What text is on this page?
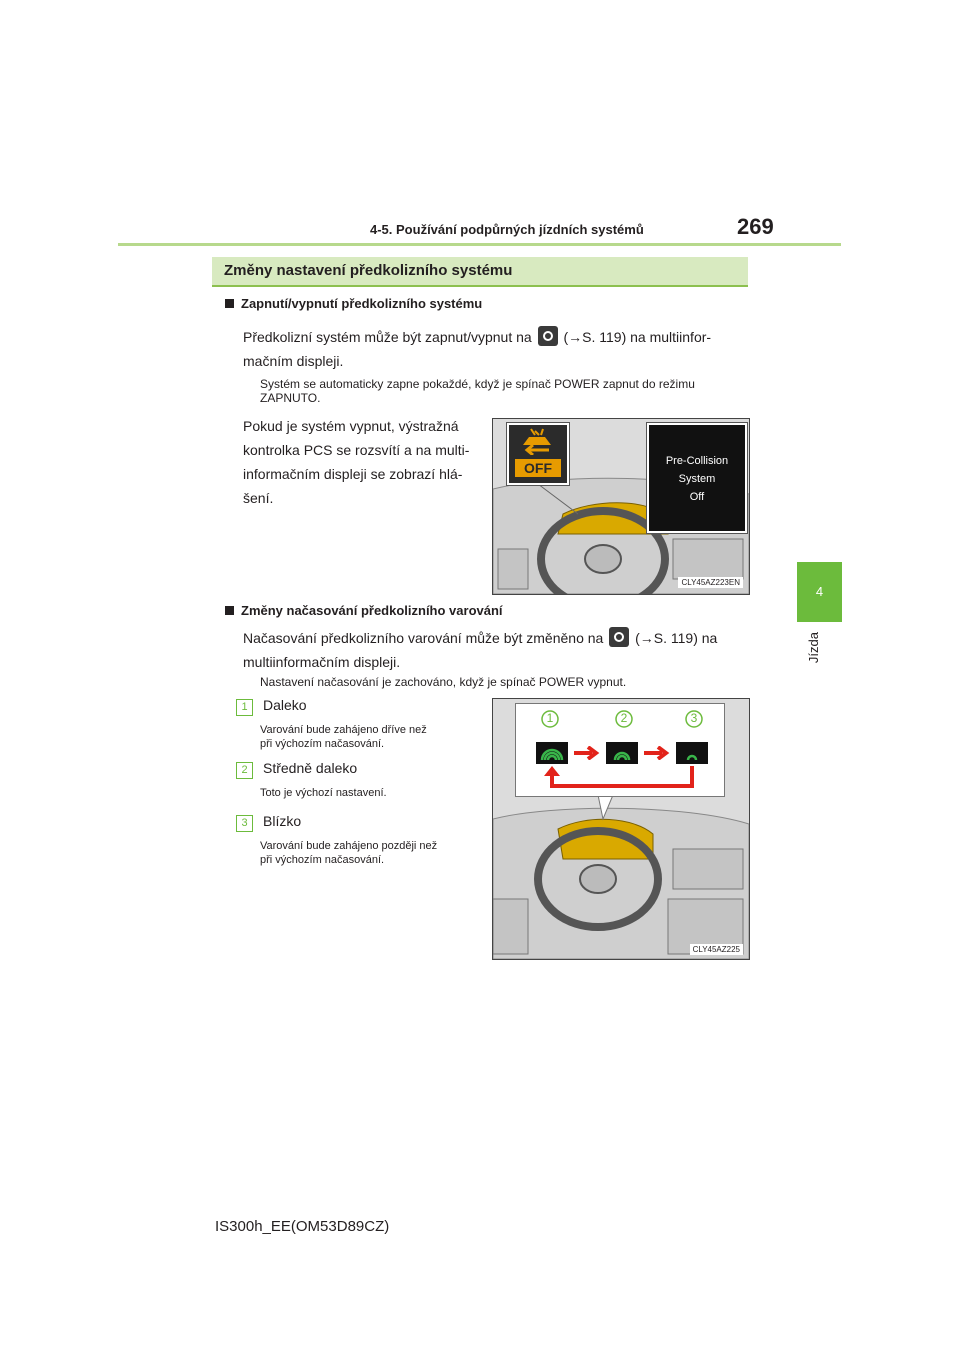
4-5. Používání podpůrných jízdních systémů	269
4
Jízda
Změny nastavení předkolizního systému
Zapnutí/vypnutí předkolizního systému
Předkolizní systém může být zapnut/vypnut na (→S. 119) na multiinfor-
mačním displeji.
Systém se automaticky zapne pokaždé, když je spínač POWER zapnut do režimu
ZAPNUTO.
Pokud je systém vypnut, výstražná
kontrolka PCS se rozsvítí a na multi-
informačním displeji se zobrazí hlá-
šení.
OFF	Pre-Collision
System
Off
CLY45AZ223EN
Změny načasování předkolizního varování
Načasování předkolizního varování může být změněno na (→S. 119) na
multiinformačním displeji.
Nastavení načasování je zachováno, když je spínač POWER vypnut.
1 Daleko
Varování bude zahájeno dříve než
při výchozím načasování.
2 Středně daleko
Toto je výchozí nastavení.
3 Blízko
Varování bude zahájeno později než
při výchozím načasování.
1	2	3
CLY45AZ225
IS300h_EE(OM53D89CZ)
